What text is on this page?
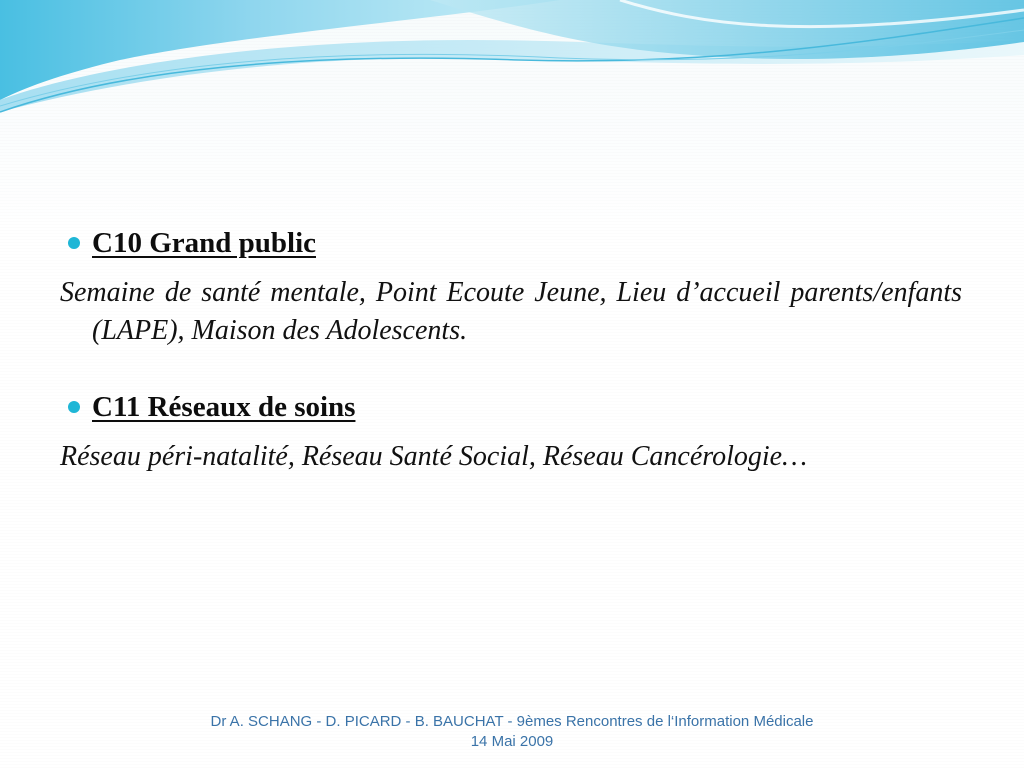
C10 Grand public
Semaine de santé mentale, Point Ecoute Jeune, Lieu d’accueil parents/enfants (LAPE), Maison des Adolescents.
C11 Réseaux de soins
Réseau péri-natalité, Réseau Santé Social, Réseau Cancérologie…
Dr A. SCHANG - D. PICARD - B. BAUCHAT - 9èmes Rencontres de l‘Information Médicale
14 Mai 2009
